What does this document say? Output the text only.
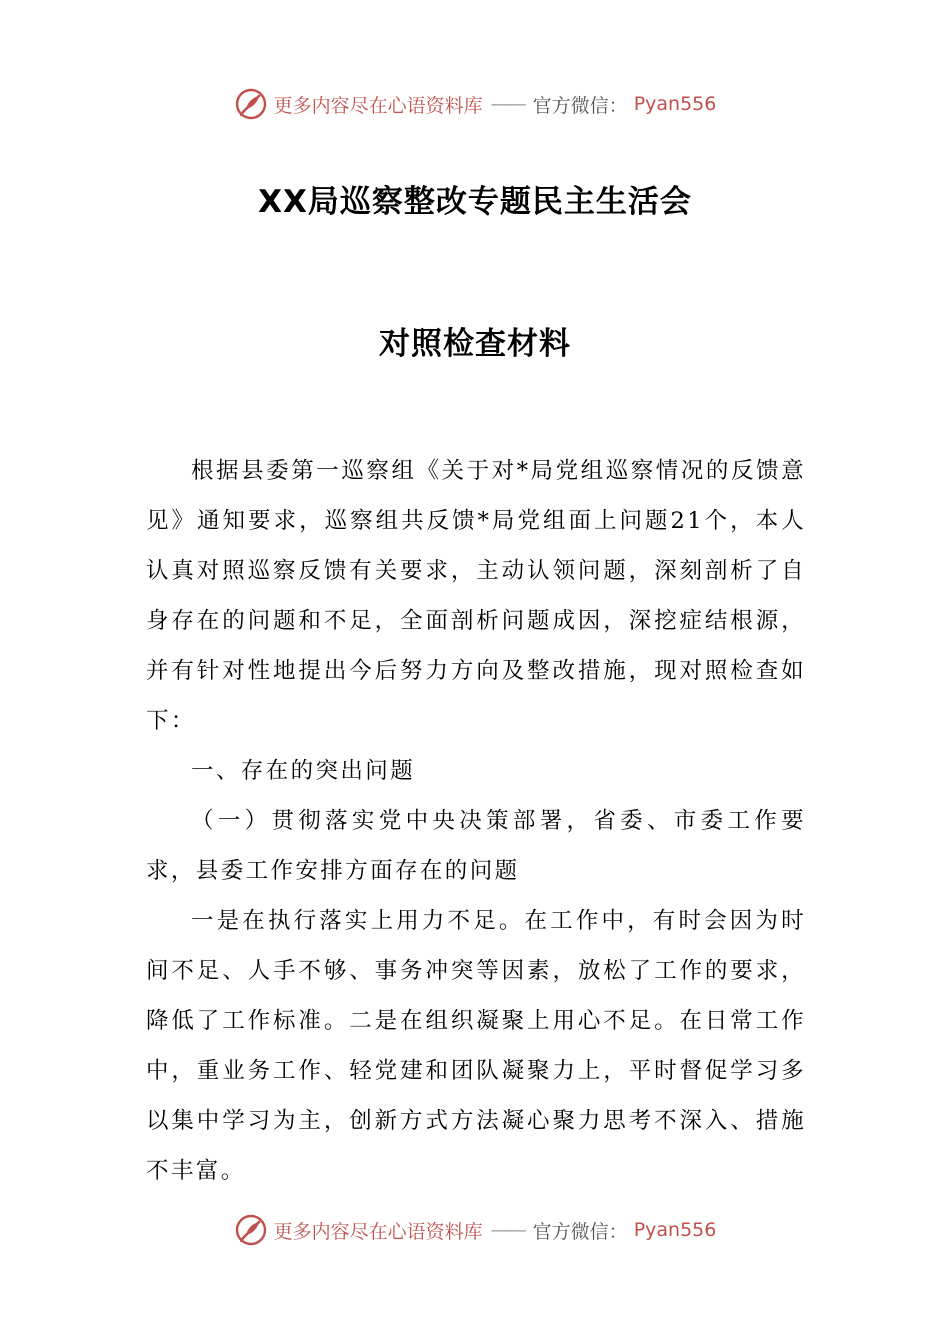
更多内容尽在心语资料库 —— 官方微信： Pyan556
XX局巡察整改专题民主生活会
对照检查材料

根据县委第一巡察组《关于对*局党组巡察情况的反馈意见》通知要求，巡察组共反馈*局党组面上问题21个，本人认真对照巡察反馈有关要求，主动认领问题，深刻剖析了自身存在的问题和不足，全面剖析问题成因，深挖症结根源，并有针对性地提出今后努力方向及整改措施，现对照检查如下：

一、存在的突出问题

（一）贯彻落实党中央决策部署，省委、市委工作要求，县委工作安排方面存在的问题

一是在执行落实上用力不足。在工作中，有时会因为时间不足、人手不够、事务冲突等因素，放松了工作的要求，降低了工作标准。二是在组织凝聚上用心不足。在日常工作中，重业务工作、轻党建和团队凝聚力上，平时督促学习多以集中学习为主，创新方式方法凝心聚力思考不深入、措施不丰富。

更多内容尽在心语资料库 —— 官方微信： Pyan556
